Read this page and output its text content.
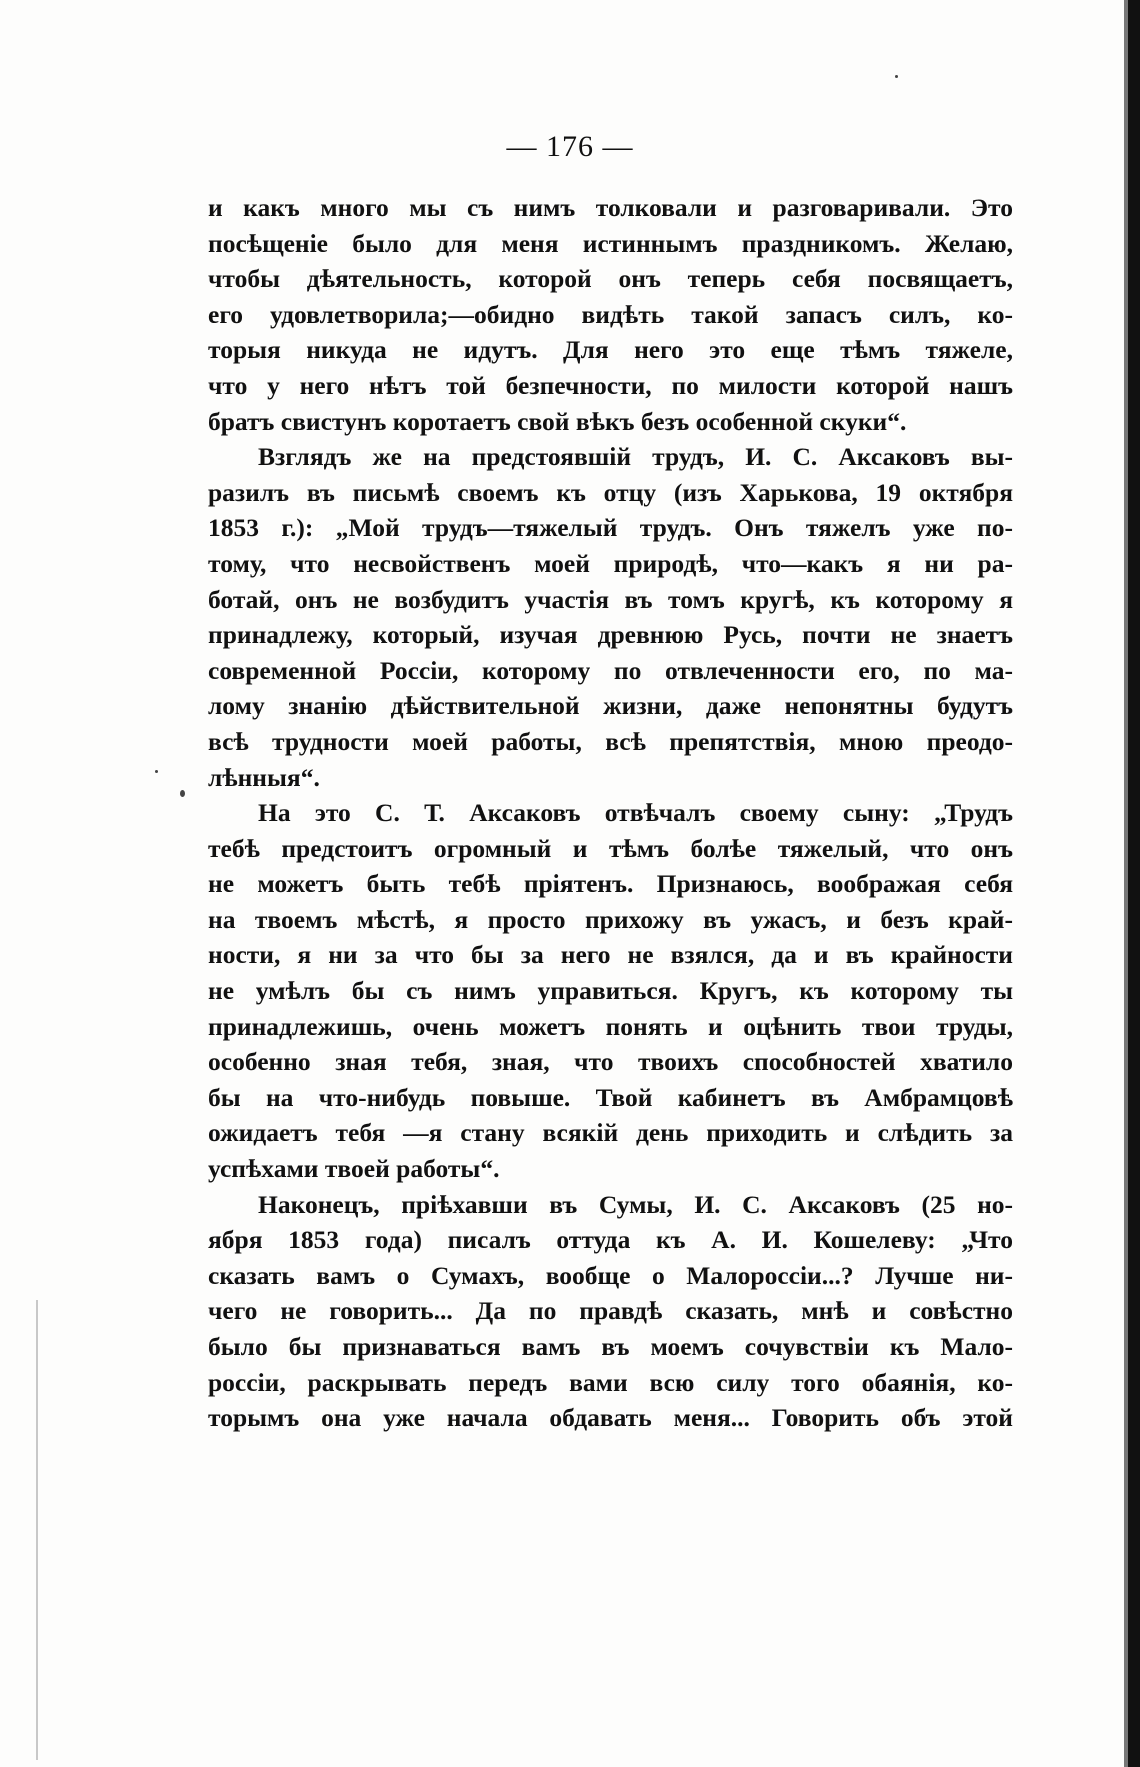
— 176 —
и какъ много мы съ нимъ толковали и разговаривали. Это
посѣщеніе было для меня истиннымъ праздникомъ. Желаю,
чтобы дѣятельность, которой онъ теперь себя посвящаетъ,
его удовлетворила;—обидно видѣть такой запасъ силъ, ко-
торыя никуда не идутъ. Для него это еще тѣмъ тяжеле,
что у него нѣтъ той безпечности, по милости которой нашъ
братъ свистунъ коротаетъ свой вѣкъ безъ особенной скуки“.
Взглядъ же на предстоявшій трудъ, И. С. Аксаковъ вы-
разилъ въ письмѣ своемъ къ отцу (изъ Харькова, 19 октября
1853 г.): „Мой трудъ—тяжелый трудъ. Онъ тяжелъ уже по-
тому, что несвойственъ моей природѣ, что—какъ я ни ра-
ботай, онъ не возбудитъ участія въ томъ кругѣ, къ которому я
принадлежу, который, изучая древнюю Русь, почти не знаетъ
современной Россіи, которому по отвлеченности его, по ма-
лому знанію дѣйствительной жизни, даже непонятны будутъ
всѣ трудности моей работы, всѣ препятствія, мною преодо-
лѣнныя“.
На это С. Т. Аксаковъ отвѣчалъ своему сыну: „Трудъ
тебѣ предстоитъ огромный и тѣмъ болѣе тяжелый, что онъ
не можетъ быть тебѣ пріятенъ. Признаюсь, воображая себя
на твоемъ мѣстѣ, я просто прихожу въ ужасъ, и безъ край-
ности, я ни за что бы за него не взялся, да и въ крайности
не умѣлъ бы съ нимъ управиться. Кругъ, къ которому ты
принадлежишь, очень можетъ понять и оцѣнить твои труды,
особенно зная тебя, зная, что твоихъ способностей хватило
бы на что-нибудь повыше. Твой кабинетъ въ Амбрамцовѣ
ожидаетъ тебя —я стану всякій день приходить и слѣдить за
успѣхами твоей работы“.
Наконецъ, пріѣхавши въ Сумы, И. С. Аксаковъ (25 но-
ября 1853 года) писалъ оттуда къ А. И. Кошелеву: „Что
сказать вамъ о Сумахъ, вообще о Малороссіи...? Лучше ни-
чего не говорить... Да по правдѣ сказать, мнѣ и совѣстно
было бы признаваться вамъ въ моемъ сочувствіи къ Мало-
россіи, раскрывать передъ вами всю силу того обаянія, ко-
торымъ она уже начала обдавать меня... Говорить объ этой
